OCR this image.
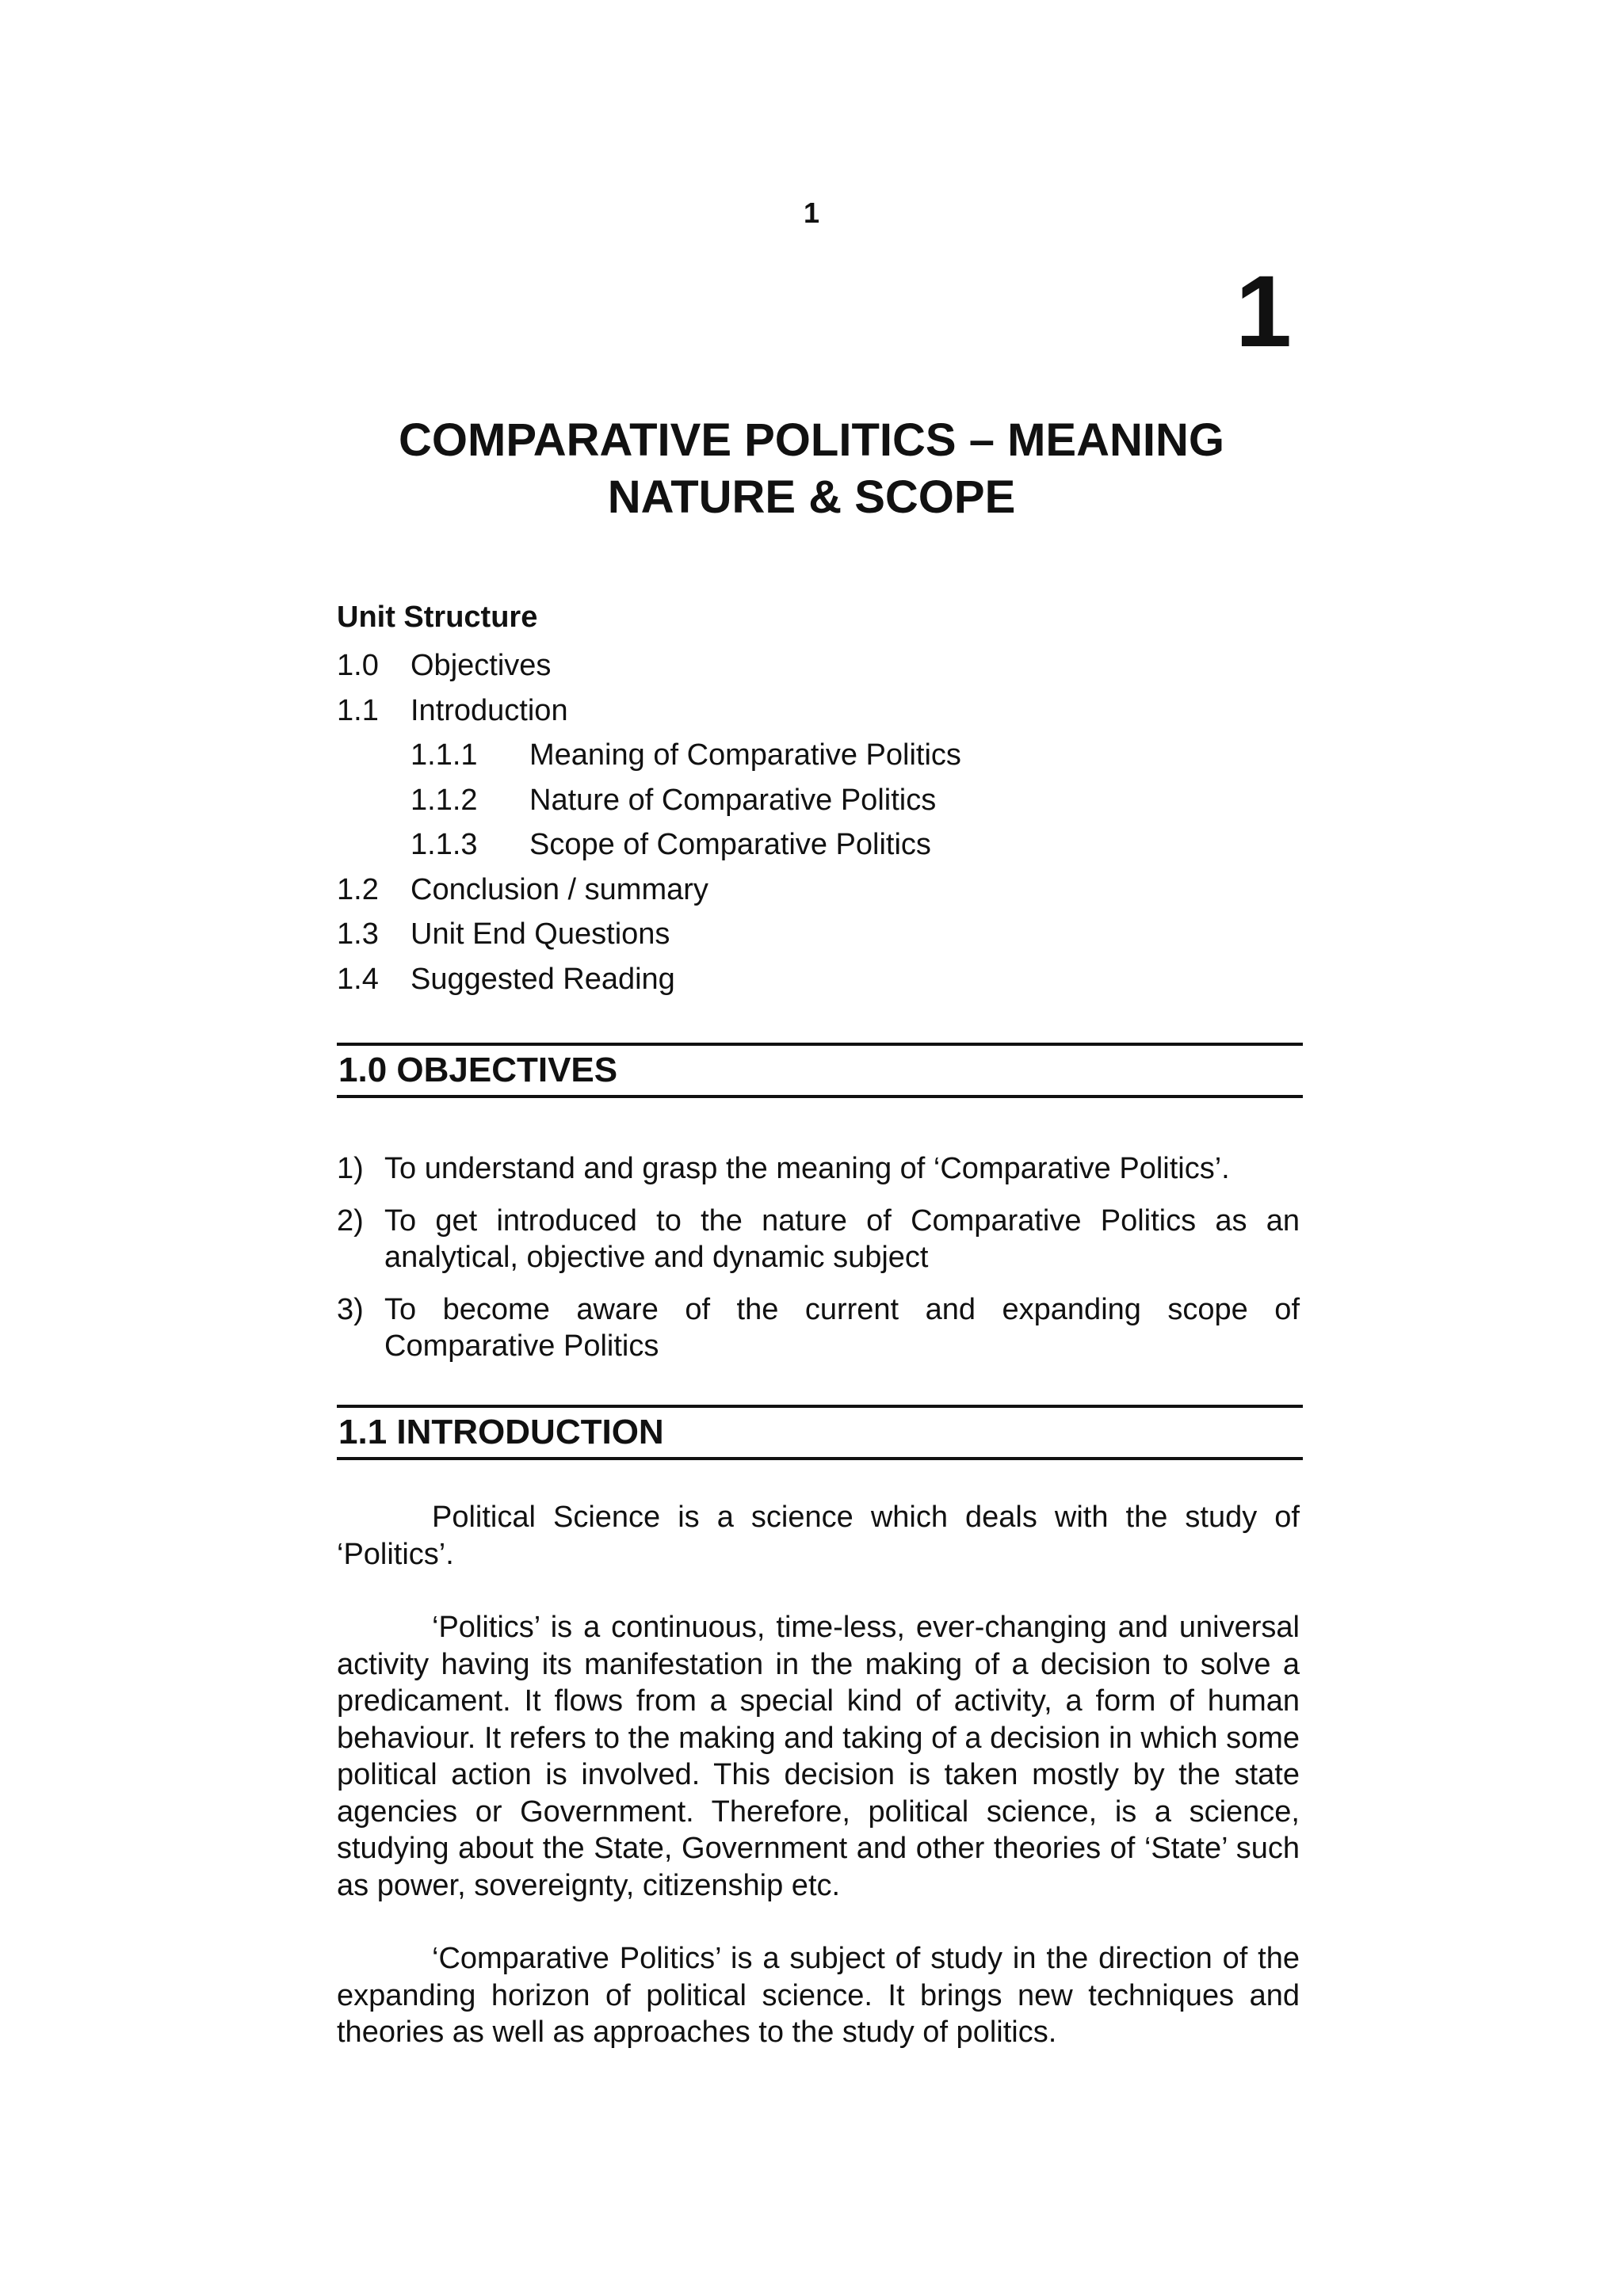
1
1
COMPARATIVE POLITICS – MEANING
NATURE & SCOPE
Unit Structure
1.0	Objectives
1.1	Introduction
1.1.1	Meaning of Comparative Politics
1.1.2	Nature of Comparative Politics
1.1.3	Scope of Comparative Politics
1.2	Conclusion / summary
1.3	Unit End Questions
1.4	Suggested Reading
1.0 OBJECTIVES
1) To understand and grasp the meaning of ‘Comparative Politics’.
2) To get introduced to the nature of Comparative Politics as an analytical, objective and dynamic subject
3) To become aware of the current and expanding scope of Comparative Politics
1.1 INTRODUCTION

Political Science is a science which deals with the study of ‘Politics’.

‘Politics’ is a continuous, time-less, ever-changing and universal activity having its manifestation in the making of a decision to solve a predicament. It flows from a special kind of activity, a form of human behaviour. It refers to the making and taking of a decision in which some political action is involved. This decision is taken mostly by the state agencies or Government. Therefore, political science, is a science, studying about the State, Government and other theories of ‘State’ such as power, sovereignty, citizenship etc.

‘Comparative Politics’ is a subject of study in the direction of the expanding horizon of political science. It brings new techniques and theories as well as approaches to the study of politics.
